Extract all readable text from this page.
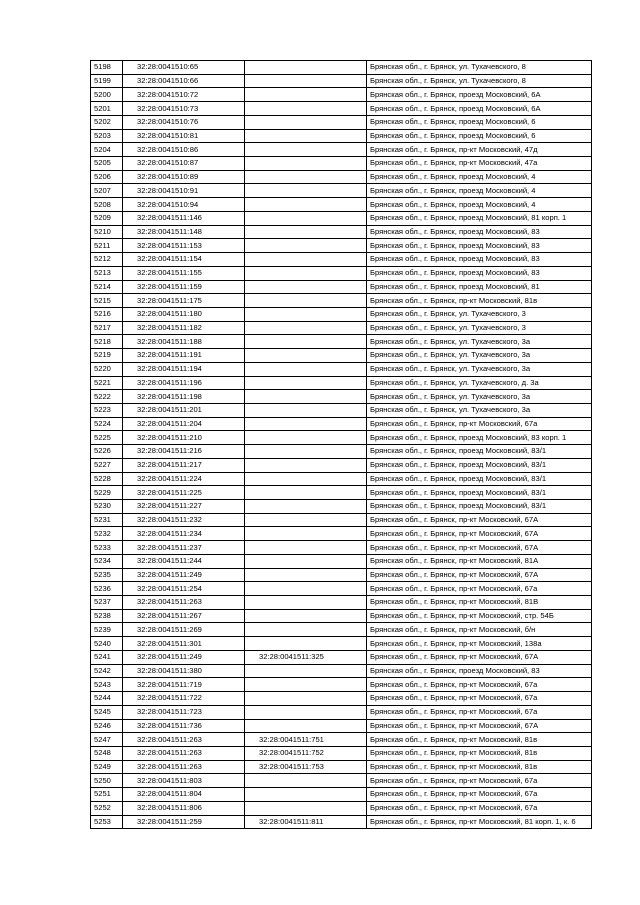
5198	32:28:0041510:65		Брянская обл., г. Брянск, ул. Тухачевского, 8
5199	32:28:0041510:66		Брянская обл., г. Брянск, ул. Тухачевского, 8
5200	32:28:0041510:72		Брянская обл., г. Брянск, проезд Московский, 6А
5201	32:28:0041510:73		Брянская обл., г. Брянск, проезд Московский, 6А
5202	32:28:0041510:76		Брянская обл., г. Брянск, проезд Московский, 6
5203	32:28:0041510:81		Брянская обл., г. Брянск, проезд Московский, 6
5204	32:28:0041510:86		Брянская обл., г. Брянск, пр-кт Московский, 47д
5205	32:28:0041510:87		Брянская обл., г. Брянск, пр-кт Московский, 47а
5206	32:28:0041510:89		Брянская обл., г. Брянск, проезд Московский, 4
5207	32:28:0041510:91		Брянская обл., г. Брянск, проезд Московский, 4
5208	32:28:0041510:94		Брянская обл., г. Брянск, проезд Московский, 4
5209	32:28:0041511:146		Брянская обл., г. Брянск, проезд Московский, 81 корп. 1
5210	32:28:0041511:148		Брянская обл., г. Брянск, проезд Московский, 83
5211	32:28:0041511:153		Брянская обл., г. Брянск, проезд Московский, 83
5212	32:28:0041511:154		Брянская обл., г. Брянск, проезд Московский, 83
5213	32:28:0041511:155		Брянская обл., г. Брянск, проезд Московский, 83
5214	32:28:0041511:159		Брянская обл., г. Брянск, проезд Московский, 81
5215	32:28:0041511:175		Брянская обл., г. Брянск, пр-кт Московский, 81в
5216	32:28:0041511:180		Брянская обл., г. Брянск, ул. Тухачевского, 3
5217	32:28:0041511:182		Брянская обл., г. Брянск, ул. Тухачевского, 3
5218	32:28:0041511:188		Брянская обл., г. Брянск, ул. Тухачевского, 3а
5219	32:28:0041511:191		Брянская обл., г. Брянск, ул. Тухачевского, 3а
5220	32:28:0041511:194		Брянская обл., г. Брянск, ул. Тухачевского, 3а
5221	32:28:0041511:196		Брянская обл., г. Брянск, ул. Тухачевского, д. 3а
5222	32:28:0041511:198		Брянская обл., г. Брянск, ул. Тухачевского, 3а
5223	32:28:0041511:201		Брянская обл., г. Брянск, ул. Тухачевского, 3а
5224	32:28:0041511:204		Брянская обл., г. Брянск, пр-кт Московский, 67а
5225	32:28:0041511:210		Брянская обл., г. Брянск, проезд Московский, 83 корп. 1
5226	32:28:0041511:216		Брянская обл., г. Брянск, проезд Московский, 83/1
5227	32:28:0041511:217		Брянская обл., г. Брянск, проезд Московский, 83/1
5228	32:28:0041511:224		Брянская обл., г. Брянск, проезд Московский, 83/1
5229	32:28:0041511:225		Брянская обл., г. Брянск, проезд Московский, 83/1
5230	32:28:0041511:227		Брянская обл., г. Брянск, проезд Московский, 83/1
5231	32:28:0041511:232		Брянская обл., г. Брянск, пр-кт Московский, 67А
5232	32:28:0041511:234		Брянская обл., г. Брянск, пр-кт Московский, 67А
5233	32:28:0041511:237		Брянская обл., г. Брянск, пр-кт Московский, 67А
5234	32:28:0041511:244		Брянская обл., г. Брянск, пр-кт Московский, 81А
5235	32:28:0041511:249		Брянская обл., г. Брянск, пр-кт Московский, 67А
5236	32:28:0041511:254		Брянская обл., г. Брянск, пр-кт Московский, 67а
5237	32:28:0041511:263		Брянская обл., г. Брянск, пр-кт Московский, 81В
5238	32:28:0041511:267		Брянская обл., г. Брянск, пр-кт Московский, стр. 54Б
5239	32:28:0041511:269		Брянская обл., г. Брянск, пр-кт Московский, б/н
5240	32:28:0041511:301		Брянская обл., г. Брянск, пр-кт Московский, 138а
5241	32:28:0041511:249	32:28:0041511:325	Брянская обл., г. Брянск, пр-кт Московский, 67А
5242	32:28:0041511:380		Брянская обл., г. Брянск, проезд Московский, 83
5243	32:28:0041511:719		Брянская обл., г. Брянск, пр-кт Московский, 67а
5244	32:28:0041511:722		Брянская обл., г. Брянск, пр-кт Московский, 67а
5245	32:28:0041511:723		Брянская обл., г. Брянск, пр-кт Московский, 67а
5246	32:28:0041511:736		Брянская обл., г. Брянск, пр-кт Московский, 67А
5247	32:28:0041511:263	32:28:0041511:751	Брянская обл., г. Брянск, пр-кт Московский, 81в
5248	32:28:0041511:263	32:28:0041511:752	Брянская обл., г. Брянск, пр-кт Московский, 81в
5249	32:28:0041511:263	32:28:0041511:753	Брянская обл., г. Брянск, пр-кт Московский, 81в
5250	32:28:0041511:803		Брянская обл., г. Брянск, пр-кт Московский, 67а
5251	32:28:0041511:804		Брянская обл., г. Брянск, пр-кт Московский, 67а
5252	32:28:0041511:806		Брянская обл., г. Брянск, пр-кт Московский, 67а
5253	32:28:0041511:259	32:28:0041511:811	Брянская обл., г. Брянск, пр-кт Московский, 81 корп. 1, к. 6
